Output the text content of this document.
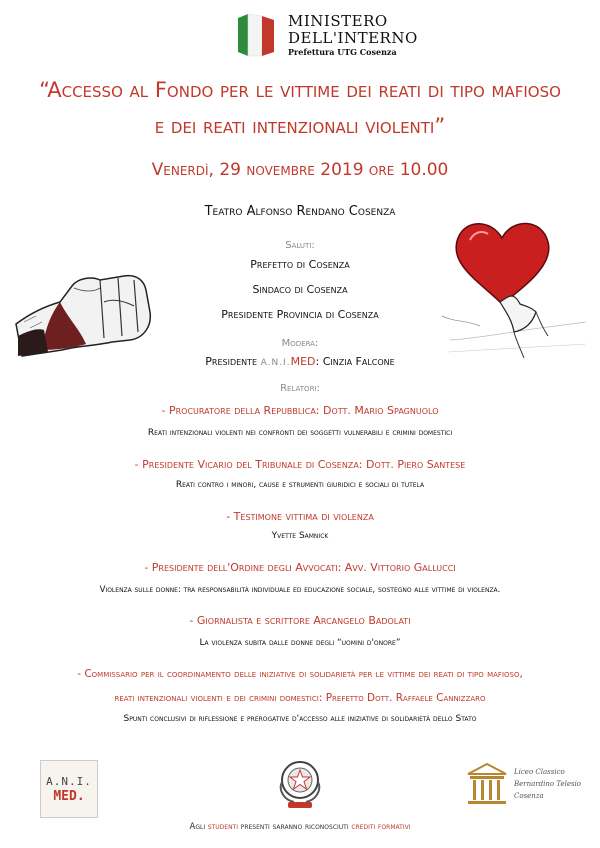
MINISTERO
DELL'INTERNO
Prefettura UTG Cosenza
“Accesso al Fondo per le vittime dei reati di tipo mafioso
e dei reati intenzionali violenti”
Venerdì, 29 novembre 2019 ore 10.00
Teatro Alfonso Rendano Cosenza
Saluti:
Prefetto di Cosenza
Sindaco di Cosenza
Presidente Provincia di Cosenza
Modera:
Presidente A.N.I.MED: Cinzia Falcone
Relatori:
- Procuratore della Repubblica: Dott. Mario Spagnuolo
Reati intenzionali violenti nei confronti dei soggetti vulnerabili e crimini domestici
- Presidente Vicario del Tribunale di Cosenza: Dott. Piero Santese
Reati contro i minori, cause e strumenti giuridici e sociali di tutela
- Testimone vittima di violenza
Yvette Samnick
- Presidente dell'Ordine degli Avvocati: Avv. Vittorio Gallucci
Violenza sulle donne: tra responsabilità individuale ed educazione sociale, sostegno alle vittime di violenza.
- Giornalista e scrittore Arcangelo Badolati
La violenza subita dalle donne degli “uomini d'onore”
- Commissario per il coordinamento delle iniziative di solidarietà per le vittime dei reati di tipo mafioso,
reati intenzionali violenti e dei crimini domestici: Prefetto Dott. Raffaele Cannizzaro
Spunti conclusivi di riflessione e prerogative d'accesso alle iniziative di solidarietà dello Stato
A.N.I.
MED.
Liceo Classico
Bernardino Telesio
Cosenza
Agli studenti presenti saranno riconosciuti crediti formativi
